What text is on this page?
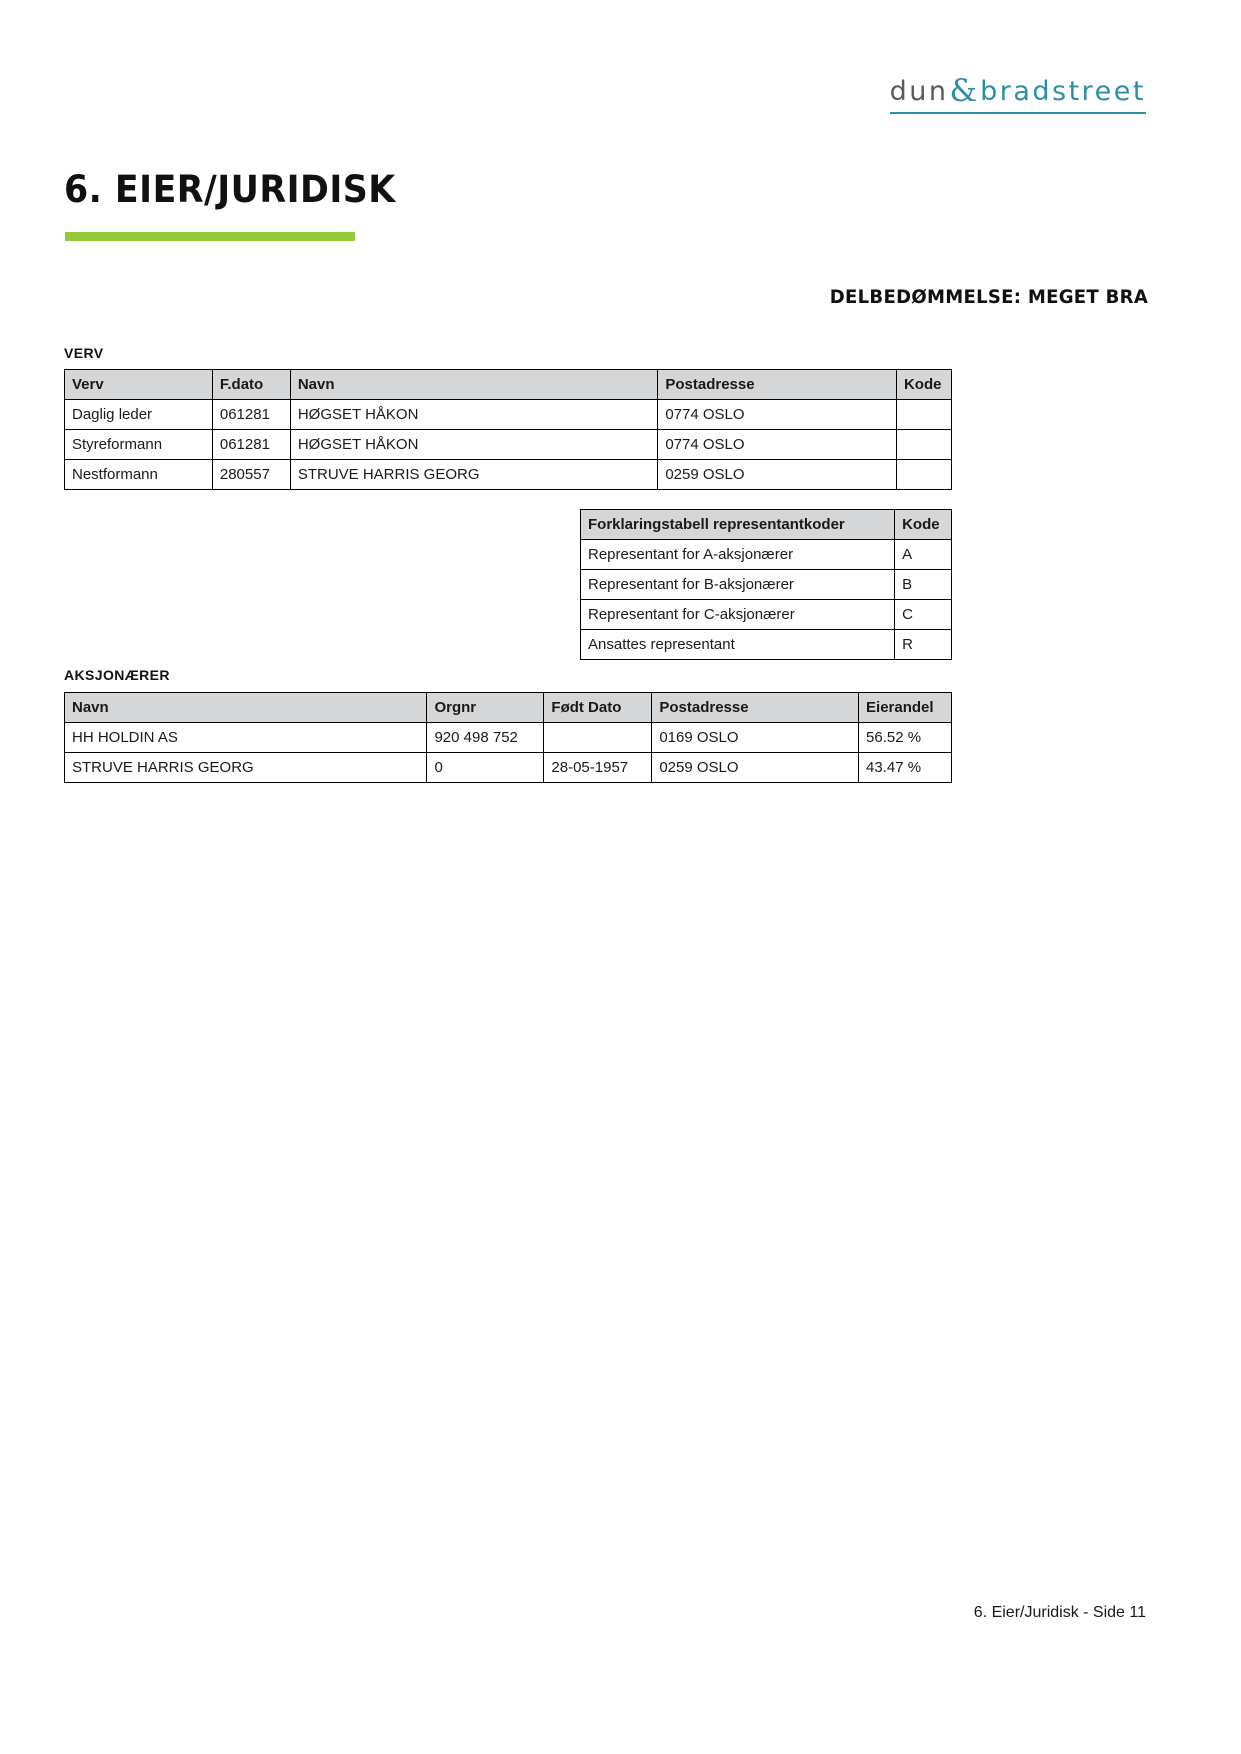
dun & bradstreet
6. EIER/JURIDISK
DELBEDØMMELSE: MEGET BRA
VERV
Verv	F.dato	Navn	Postadresse	Kode
Daglig leder	061281	HØGSET HÅKON	0774 OSLO	
Styreformann	061281	HØGSET HÅKON	0774 OSLO	
Nestformann	280557	STRUVE HARRIS GEORG	0259 OSLO	
Forklaringstabell representantkoder	Kode
Representant for A-aksjonærer	A
Representant for B-aksjonærer	B
Representant for C-aksjonærer	C
Ansattes representant	R
AKSJONÆRER
Navn	Orgnr	Født Dato	Postadresse	Eierandel
HH HOLDIN AS	920 498 752		0169 OSLO	56.52 %
STRUVE HARRIS GEORG	0	28-05-1957	0259 OSLO	43.47 %
6. Eier/Juridisk - Side 11
